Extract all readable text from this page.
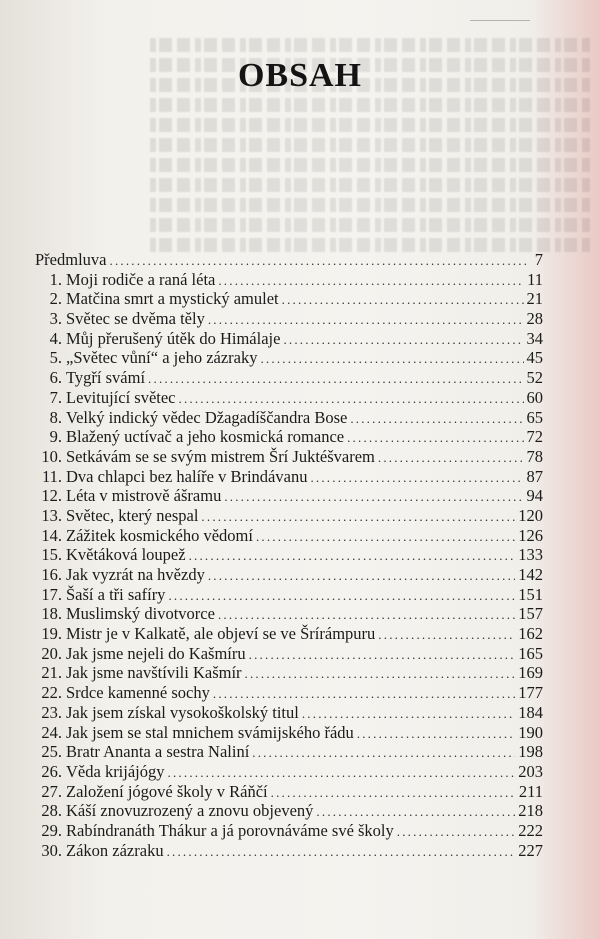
OBSAH
Předmluva .....	7
1. Moji rodiče a raná léta .....	11
2. Matčina smrt a mystický amulet .....	21
3. Světec se dvěma těly .....	28
4. Můj přerušený útěk do Himálaje .....	34
5. „Světec vůní“ a jeho zázraky .....	45
6. Tygří svámí .....	52
7. Levitující světec .....	60
8. Velký indický vědec Džagadíščandra Bose .....	65
9. Blažený uctívač a jeho kosmická romance .....	72
10. Setkávám se se svým mistrem Šrí Juktéšvarem .....	78
11. Dva chlapci bez halíře v Brindávanu .....	87
12. Léta v mistrově ášramu .....	94
13. Světec, který nespal .....	120
14. Zážitek kosmického vědomí .....	126
15. Květáková loupež .....	133
16. Jak vyzrát na hvězdy .....	142
17. Šaší a tři safíry .....	151
18. Muslimský divotvorce .....	157
19. Mistr je v Kalkatě, ale objeví se ve Šrírámpuru .....	162
20. Jak jsme nejeli do Kašmíru .....	165
21. Jak jsme navštívili Kašmír .....	169
22. Srdce kamenné sochy .....	177
23. Jak jsem získal vysokoškolský titul .....	184
24. Jak jsem se stal mnichem svámijského řádu .....	190
25. Bratr Ananta a sestra Naliní .....	198
26. Věda krijájógy .....	203
27. Založení jógové školy v Ráňčí .....	211
28. Káší znovuzrozený a znovu objevený .....	218
29. Rabíndranáth Thákur a já porovnáváme své školy .....	222
30. Zákon zázraku .....	227
